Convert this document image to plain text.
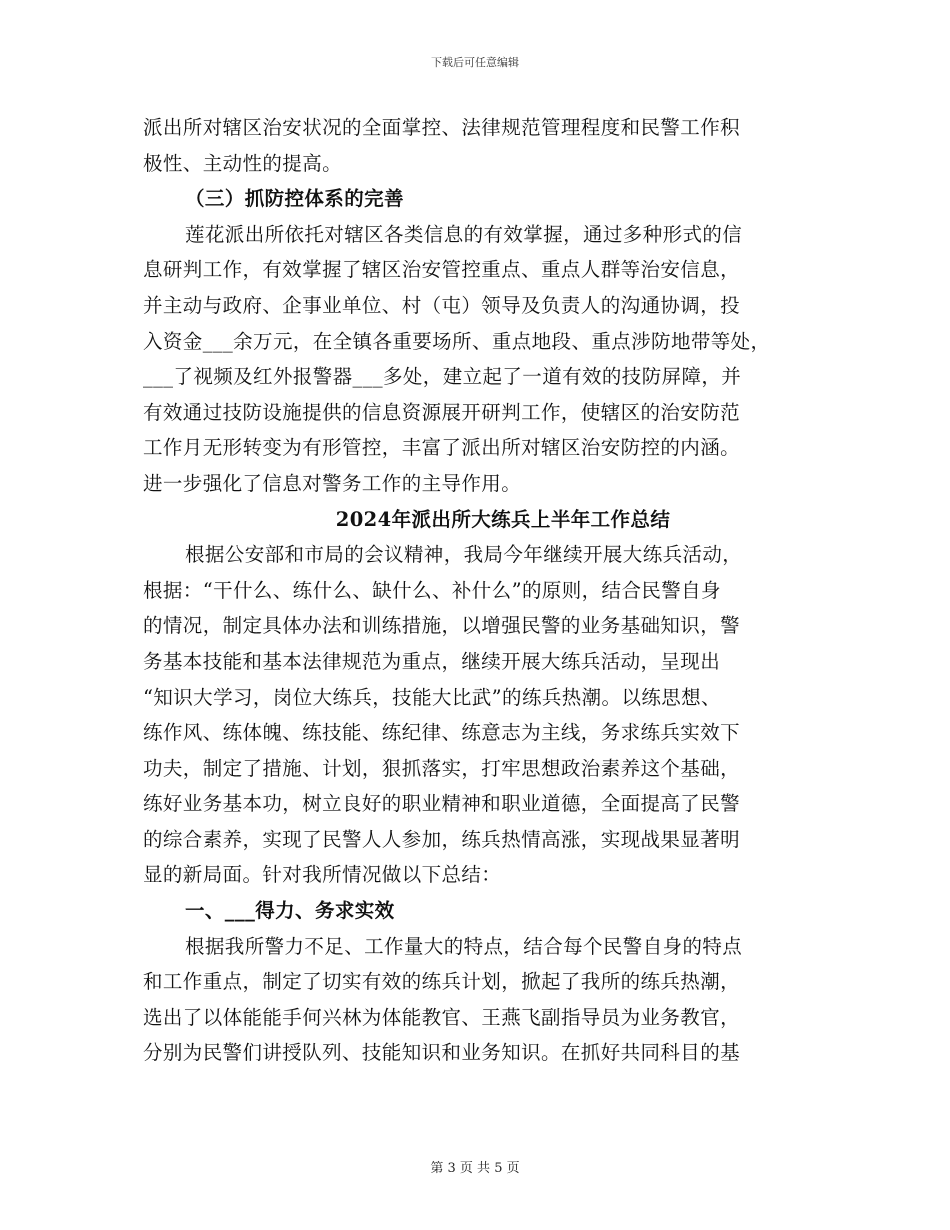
下载后可任意编辑
派出所对辖区治安状况的全面掌控、法律规范管理程度和民警工作积
极性、主动性的提高。
（三）抓防控体系的完善
莲花派出所依托对辖区各类信息的有效掌握，通过多种形式的信
息研判工作，有效掌握了辖区治安管控重点、重点人群等治安信息，
并主动与政府、企事业单位、村（屯）领导及负责人的沟通协调，投
入资金___余万元，在全镇各重要场所、重点地段、重点涉防地带等处，
___了视频及红外报警器___多处，建立起了一道有效的技防屏障，并
有效通过技防设施提供的信息资源展开研判工作，使辖区的治安防范
工作月无形转变为有形管控，丰富了派出所对辖区治安防控的内涵。
进一步强化了信息对警务工作的主导作用。
2024年派出所大练兵上半年工作总结
根据公安部和市局的会议精神，我局今年继续开展大练兵活动，
根据：“干什么、练什么、缺什么、补什么”的原则，结合民警自身
的情况，制定具体办法和训练措施，以增强民警的业务基础知识，警
务基本技能和基本法律规范为重点，继续开展大练兵活动，呈现出
“知识大学习，岗位大练兵，技能大比武”的练兵热潮。以练思想、
练作风、练体魄、练技能、练纪律、练意志为主线，务求练兵实效下
功夫，制定了措施、计划，狠抓落实，打牢思想政治素养这个基础，
练好业务基本功，树立良好的职业精神和职业道德，全面提高了民警
的综合素养，实现了民警人人参加，练兵热情高涨，实现战果显著明
显的新局面。针对我所情况做以下总结：
一、___得力、务求实效
根据我所警力不足、工作量大的特点，结合每个民警自身的特点
和工作重点，制定了切实有效的练兵计划，掀起了我所的练兵热潮，
选出了以体能能手何兴林为体能教官、王燕飞副指导员为业务教官，
分别为民警们讲授队列、技能知识和业务知识。在抓好共同科目的基
第 3 页 共 5 页
